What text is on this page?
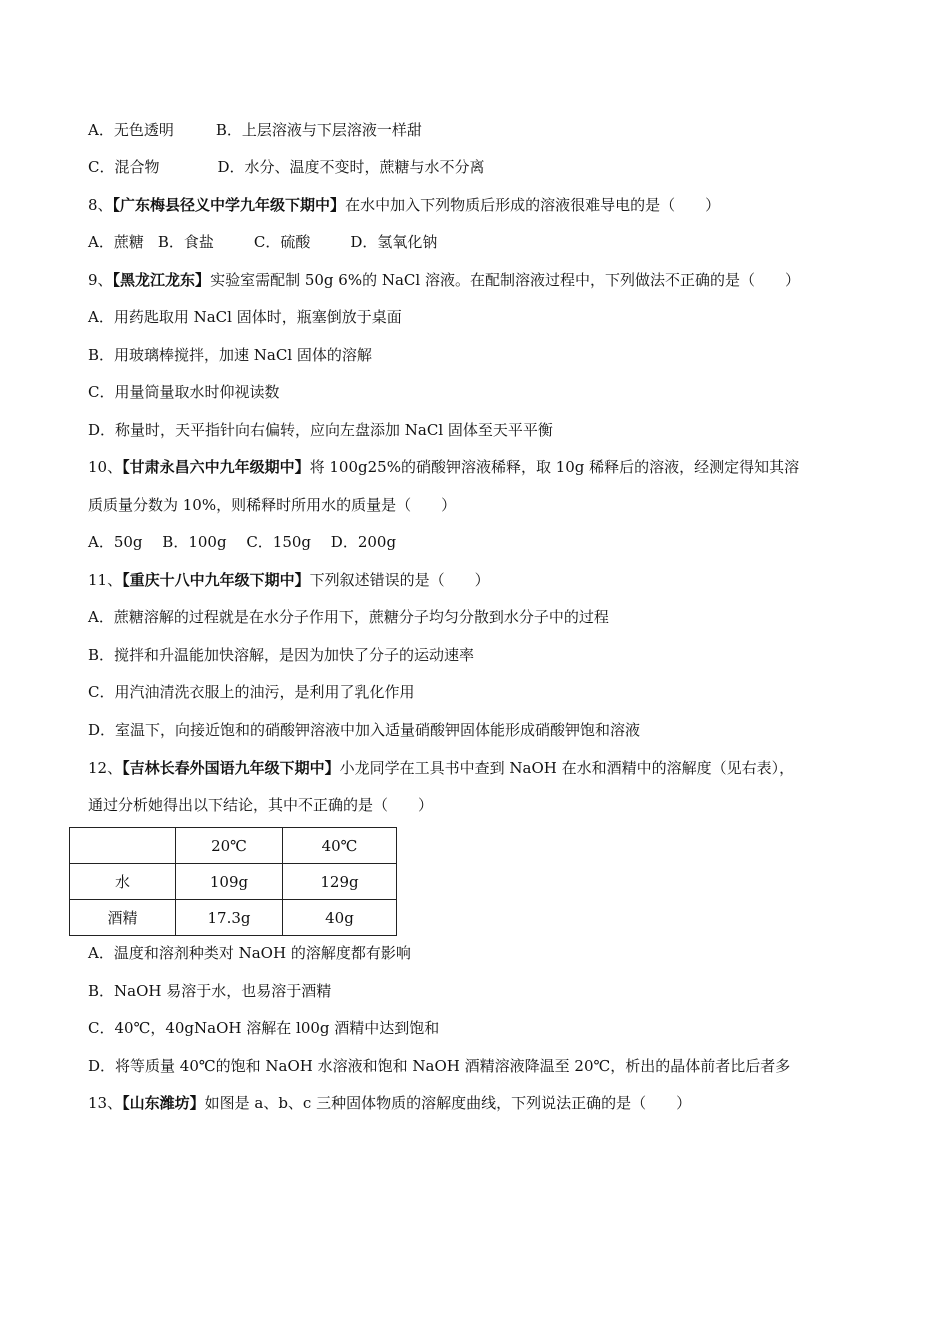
A．无色透明	B．上层溶液与下层溶液一样甜
C．混合物	D．水分、温度不变时，蔗糖与水不分离
8、【广东梅县径义中学九年级下期中】在水中加入下列物质后形成的溶液很难导电的是（　　）
A．蔗糖 B．食盐	C．硫酸	D．氢氧化钠
9、【黑龙江龙东】实验室需配制 50g 6%的 NaCl 溶液。在配制溶液过程中，下列做法不正确的是（　　）
A．用药匙取用 NaCl 固体时，瓶塞倒放于桌面
B．用玻璃棒搅拌，加速 NaCl 固体的溶解
C．用量筒量取水时仰视读数
D．称量时，天平指针向右偏转，应向左盘添加 NaCl 固体至天平平衡
10、【甘肃永昌六中九年级期中】将 100g25%的硝酸钾溶液稀释，取 10g 稀释后的溶液，经测定得知其溶
质质量分数为 10%，则稀释时所用水的质量是（　　）
A．50g　 B．100g　 C．150g　 D．200g
11、【重庆十八中九年级下期中】下列叙述错误的是（　　）
A．蔗糖溶解的过程就是在水分子作用下，蔗糖分子均匀分散到水分子中的过程
B．搅拌和升温能加快溶解，是因为加快了分子的运动速率
C．用汽油清洗衣服上的油污，是利用了乳化作用
D．室温下，向接近饱和的硝酸钾溶液中加入适量硝酸钾固体能形成硝酸钾饱和溶液
12、【吉林长春外国语九年级下期中】小龙同学在工具书中查到 NaOH 在水和酒精中的溶解度（见右表），
通过分析她得出以下结论，其中不正确的是（　　）
	20℃	40℃
水	109g	129g
酒精	17.3g	40g
A．温度和溶剂种类对 NaOH 的溶解度都有影响
B．NaOH 易溶于水，也易溶于酒精
C．40℃，40gNaOH 溶解在 l00g 酒精中达到饱和
D．将等质量 40℃的饱和 NaOH 水溶液和饱和 NaOH 酒精溶液降温至 20℃，析出的晶体前者比后者多
13、【山东潍坊】如图是 a、b、c 三种固体物质的溶解度曲线，下列说法正确的是（　　）
